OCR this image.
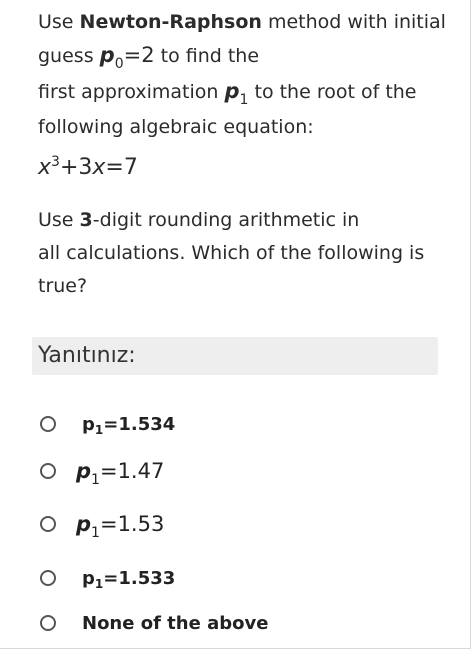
Use Newton-Raphson method with initial

guess $p_0=2$ to find the

first approximation $p_1$ to the root of the

following algebraic equation:

$x^3+3x=7$

Use 3-digit rounding arithmetic in

all calculations. Which of the following is

true?

Yanıtınız:
$p_1=1.534$
$p_1=1.47$
$p_1=1.53$
$p_1=1.533$
None of the above
